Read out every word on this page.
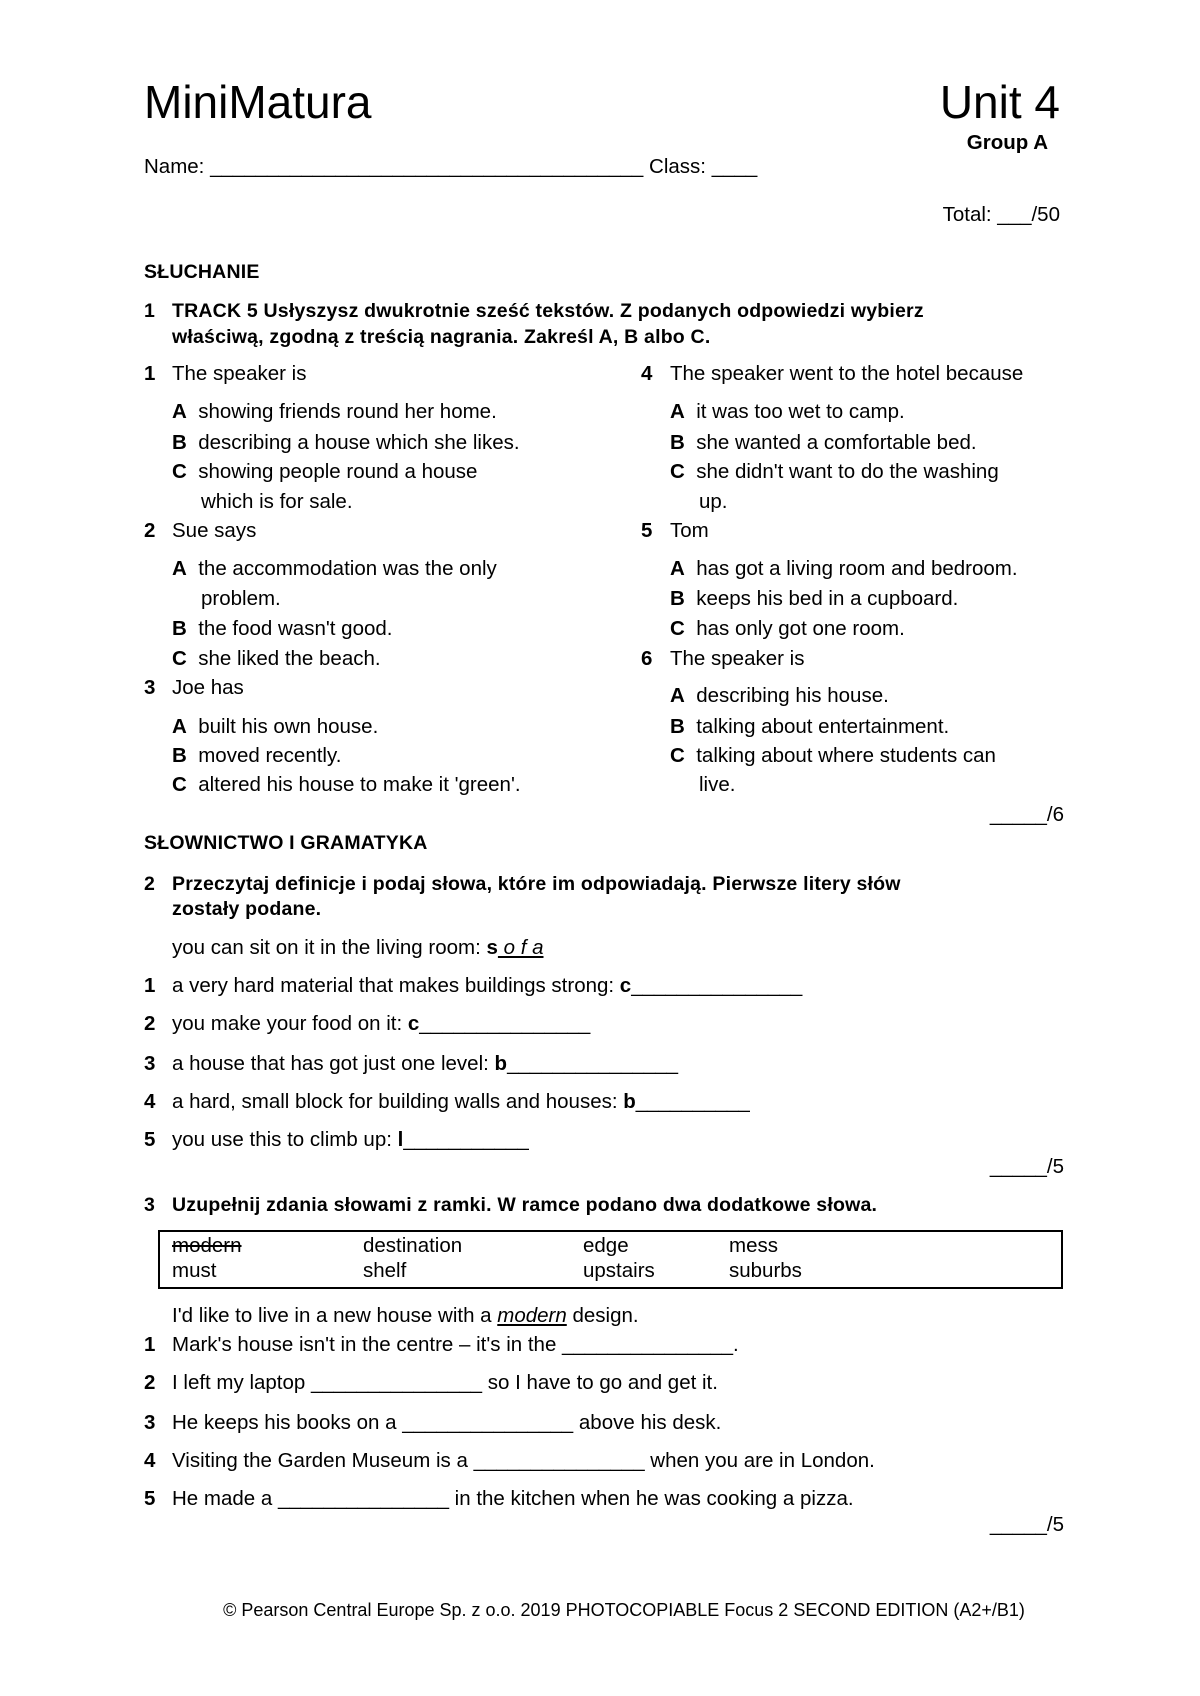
MiniMatura	Unit 4
Group A
Name: ______________________________________ Class: ____
Total: ___/50
SŁUCHANIE
1 TRACK 5 Usłyszysz dwukrotnie sześć tekstów. Z podanych odpowiedzi wybierz
właściwą, zgodną z treścią nagrania. Zakreśl A, B albo C.
1 The speaker is
A showing friends round her home.
B describing a house which she likes.
C showing people round a house
which is for sale.
2 Sue says
A the accommodation was the only
problem.
B the food wasn't good.
C she liked the beach.
3 Joe has
A built his own house.
B moved recently.
C altered his house to make it 'green'.
4 The speaker went to the hotel because
A it was too wet to camp.
B she wanted a comfortable bed.
C she didn't want to do the washing
up.
5 Tom
A has got a living room and bedroom.
B keeps his bed in a cupboard.
C has only got one room.
6 The speaker is
A describing his house.
B talking about entertainment.
C talking about where students can
live.
_____/6
SŁOWNICTWO I GRAMATYKA
2 Przeczytaj definicje i podaj słowa, które im odpowiadają. Pierwsze litery słów
zostały podane.
you can sit on it in the living room: s o f a
1 a very hard material that makes buildings strong: c_______________
2 you make your food on it: c_______________
3 a house that has got just one level: b_______________
4 a hard, small block for building walls and houses: b__________
5 you use this to climb up: l___________
_____/5
3 Uzupełnij zdania słowami z ramki. W ramce podano dwa dodatkowe słowa.
modern	destination	edge	mess
must	shelf	upstairs	suburbs
I'd like to live in a new house with a modern design.
1 Mark's house isn't in the centre – it's in the _______________.
2 I left my laptop _______________ so I have to go and get it.
3 He keeps his books on a _______________ above his desk.
4 Visiting the Garden Museum is a _______________ when you are in London.
5 He made a _______________ in the kitchen when he was cooking a pizza.
_____/5
© Pearson Central Europe Sp. z o.o. 2019 PHOTOCOPIABLE Focus 2 SECOND EDITION (A2+/B1)
